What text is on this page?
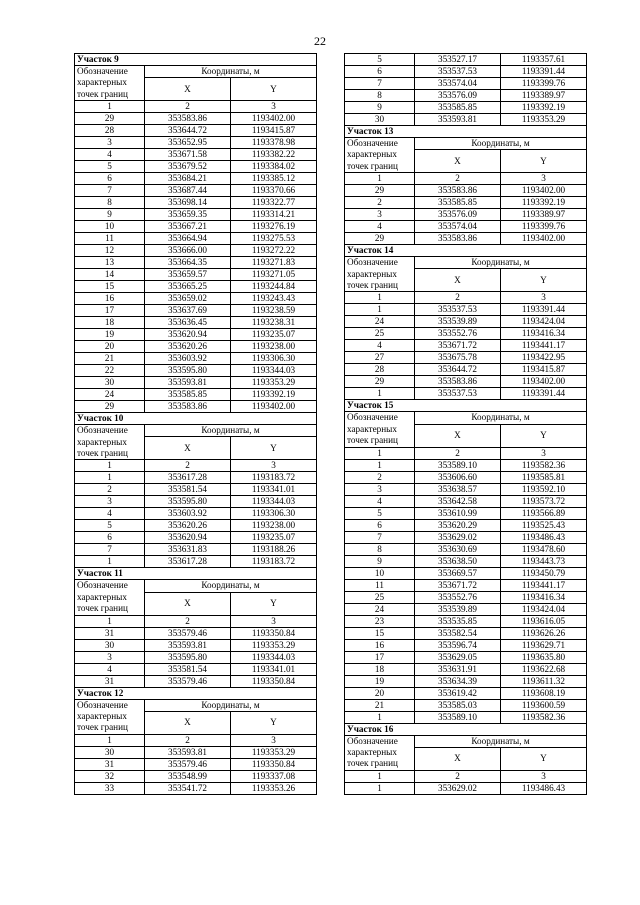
22
Участок 9		
Обозначение характерных точек границ	Координаты, м	
	X	Y
1	2	3
29	353583.86	1193402.00
28	353644.72	1193415.87
3	353652.95	1193378.98
4	353671.58	1193382.22
5	353679.52	1193384.02
6	353684.21	1193385.12
7	353687.44	1193370.66
8	353698.14	1193322.77
9	353659.35	1193314.21
10	353667.21	1193276.19
11	353664.94	1193275.53
12	353666.00	1193272.22
13	353664.35	1193271.83
14	353659.57	1193271.05
15	353665.25	1193244.84
16	353659.02	1193243.43
17	353637.69	1193238.59
18	353636.45	1193238.31
19	353620.94	1193235.07
20	353620.26	1193238.00
21	353603.92	1193306.30
22	353595.80	1193344.03
30	353593.81	1193353.29
24	353585.85	1193392.19
29	353583.86	1193402.00
Участок 10		
Обозначение характерных точек границ	Координаты, м	
	X	Y
1	2	3
1	353617.28	1193183.72
2	353581.54	1193341.01
3	353595.80	1193344.03
4	353603.92	1193306.30
5	353620.26	1193238.00
6	353620.94	1193235.07
7	353631.83	1193188.26
1	353617.28	1193183.72
Участок 11		
Обозначение характерных точек границ	Координаты, м	
	X	Y
1	2	3
31	353579.46	1193350.84
30	353593.81	1193353.29
3	353595.80	1193344.03
4	353581.54	1193341.01
31	353579.46	1193350.84
Участок 12		
Обозначение характерных точек границ	Координаты, м	
	X	Y
1	2	3
30	353593.81	1193353.29
31	353579.46	1193350.84
32	353548.99	1193337.08
33	353541.72	1193353.26
5	353527.17	1193357.61
6	353537.53	1193391.44
7	353574.04	1193399.76
8	353576.09	1193389.97
9	353585.85	1193392.19
30	353593.81	1193353.29
Участок 13		
Обозначение характерных точек границ	Координаты, м	
	X	Y
1	2	3
29	353583.86	1193402.00
2	353585.85	1193392.19
3	353576.09	1193389.97
4	353574.04	1193399.76
29	353583.86	1193402.00
Участок 14		
Обозначение характерных точек границ	Координаты, м	
	X	Y
1	2	3
1	353537.53	1193391.44
24	353539.89	1193424.04
25	353552.76	1193416.34
4	353671.72	1193441.17
27	353675.78	1193422.95
28	353644.72	1193415.87
29	353583.86	1193402.00
1	353537.53	1193391.44
Участок 15		
Обозначение характерных точек границ	Координаты, м	
	X	Y
1	2	3
1	353589.10	1193582.36
2	353606.60	1193585.81
3	353638.57	1193592.10
4	353642.58	1193573.72
5	353610.99	1193566.89
6	353620.29	1193525.43
7	353629.02	1193486.43
8	353630.69	1193478.60
9	353638.50	1193443.73
10	353669.57	1193450.79
11	353671.72	1193441.17
25	353552.76	1193416.34
24	353539.89	1193424.04
23	353535.85	1193616.05
15	353582.54	1193626.26
16	353596.74	1193629.71
17	353629.05	1193635.80
18	353631.91	1193622.68
19	353634.39	1193611.32
20	353619.42	1193608.19
21	353585.03	1193600.59
1	353589.10	1193582.36
Участок 16		
Обозначение характерных точек границ	Координаты, м	
	X	Y
1	2	3
1	353629.02	1193486.43
